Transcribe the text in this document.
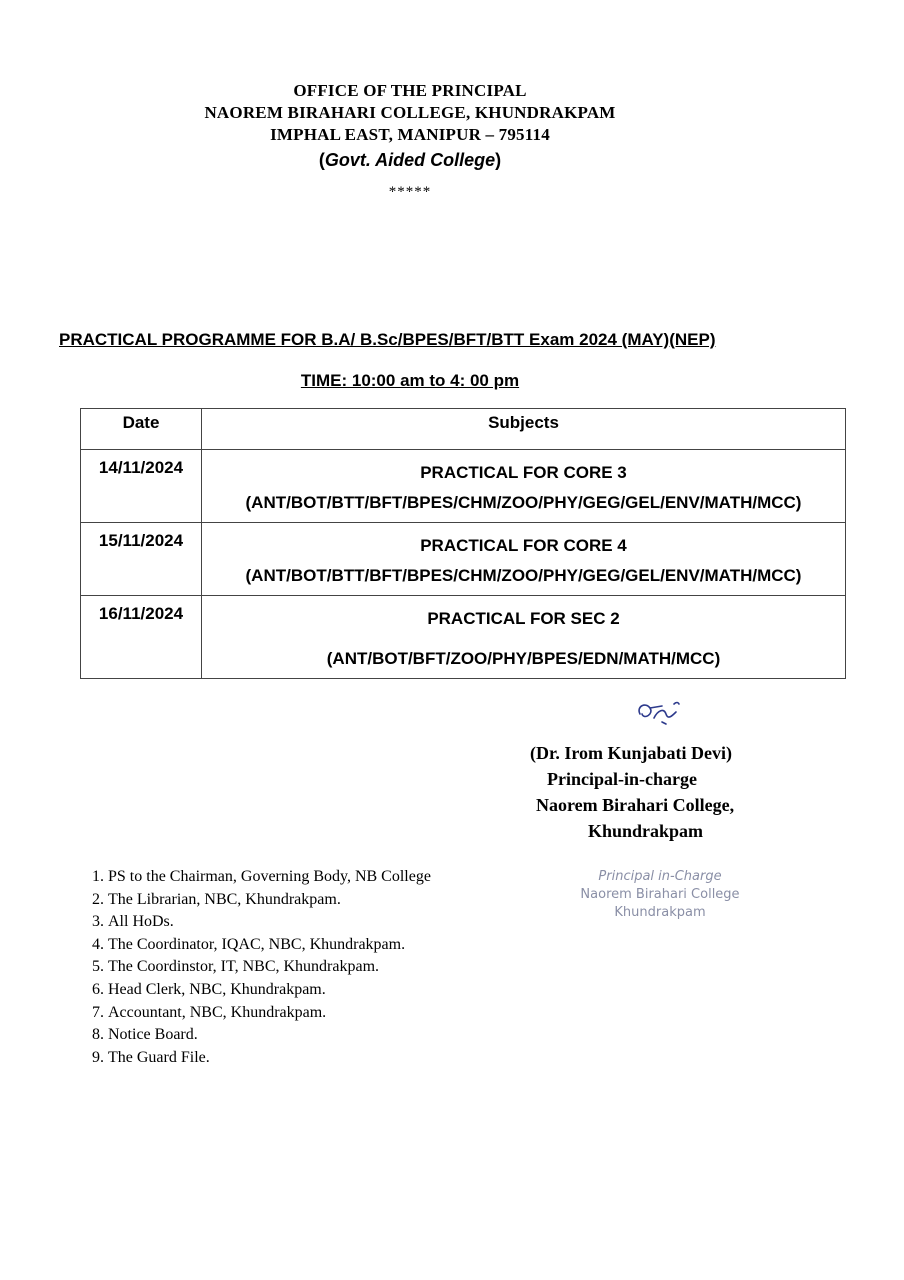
OFFICE OF THE PRINCIPAL
NAOREM BIRAHARI COLLEGE, KHUNDRAKPAM
IMPHAL EAST, MANIPUR – 795114
(Govt. Aided College)
*****
PRACTICAL PROGRAMME FOR B.A/ B.Sc/BPES/BFT/BTT Exam 2024 (MAY)(NEP)
TIME: 10:00 am to 4: 00 pm
Date	Subjects
14/11/2024	PRACTICAL FOR CORE 3
(ANT/BOT/BTT/BFT/BPES/CHM/ZOO/PHY/GEG/GEL/ENV/MATH/MCC)

15/11/2024	PRACTICAL FOR CORE 4
(ANT/BOT/BTT/BFT/BPES/CHM/ZOO/PHY/GEG/GEL/ENV/MATH/MCC)

16/11/2024	PRACTICAL FOR SEC 2
(ANT/BOT/BFT/ZOO/PHY/BPES/EDN/MATH/MCC)
(Dr. Irom Kunjabati Devi)
Principal-in-charge
Naorem Birahari College,
Khundrakpam
Principal in-Charge
Naorem Birahari College
Khundrakpam
1. PS to the Chairman, Governing Body, NB College
2. The Librarian, NBC, Khundrakpam.
3. All HoDs.
4. The Coordinator, IQAC, NBC, Khundrakpam.
5. The Coordinstor, IT, NBC, Khundrakpam.
6. Head Clerk, NBC, Khundrakpam.
7. Accountant, NBC, Khundrakpam.
8. Notice Board.
9. The Guard File.
